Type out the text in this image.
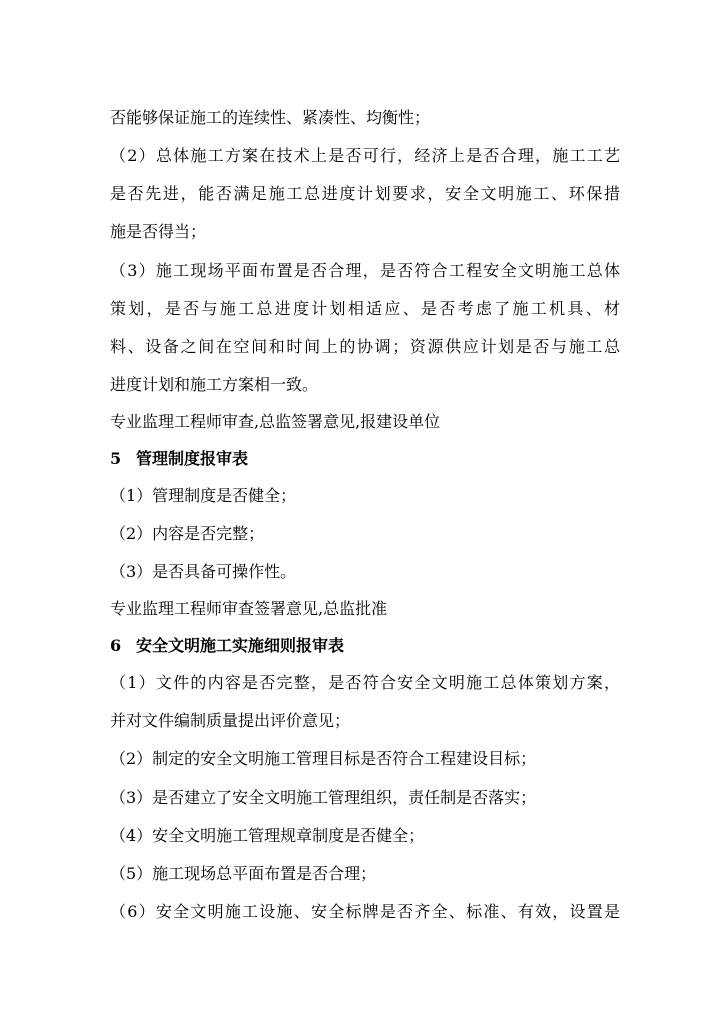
否能够保证施工的连续性、紧凑性、均衡性；
（2）总体施工方案在技术上是否可行，经济上是否合理，施工工艺
是否先进，能否满足施工总进度计划要求，安全文明施工、环保措
施是否得当；
（3）施工现场平面布置是否合理，是否符合工程安全文明施工总体
策划，是否与施工总进度计划相适应、是否考虑了施工机具、材
料、设备之间在空间和时间上的协调；资源供应计划是否与施工总
进度计划和施工方案相一致。
专业监理工程师审查,总监签署意见,报建设单位
5 管理制度报审表
（1）管理制度是否健全；
（2）内容是否完整；
（3）是否具备可操作性。
专业监理工程师审查签署意见,总监批准
6 安全文明施工实施细则报审表
（1）文件的内容是否完整，是否符合安全文明施工总体策划方案，
并对文件编制质量提出评价意见；
（2）制定的安全文明施工管理目标是否符合工程建设目标；
（3）是否建立了安全文明施工管理组织，责任制是否落实；
（4）安全文明施工管理规章制度是否健全；
（5）施工现场总平面布置是否合理；
（6）安全文明施工设施、安全标牌是否齐全、标准、有效，设置是
